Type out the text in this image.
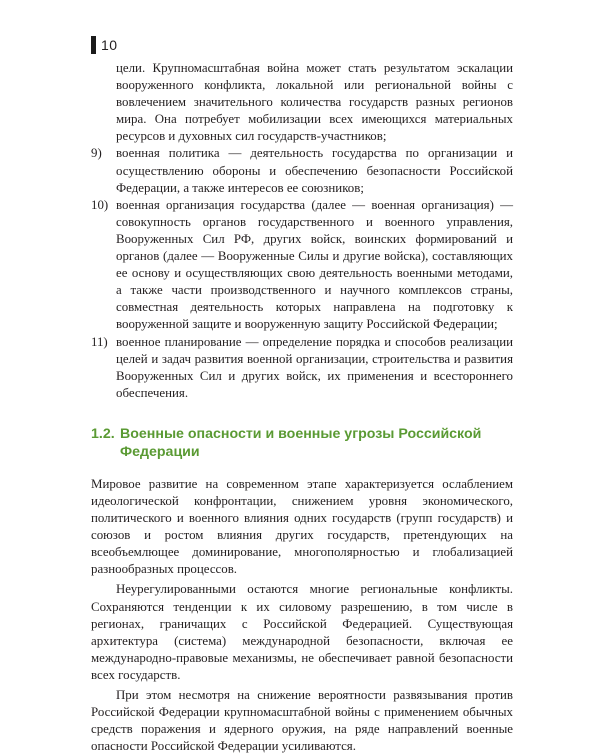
10

цели. Крупномасштабная война может стать результатом эскалации вооруженного конфликта, локальной или региональной войны с вовлечением значительного количества государств разных регионов мира. Она потребует мобилизации всех имеющихся материальных ресурсов и духовных сил государств-участников;

9)	военная политика — деятельность государства по организации и осуществлению обороны и обеспечению безопасности Российской Федерации, а также интересов ее союзников;
10) военная организация государства (далее — военная организация) — совокупность органов государственного и военного управления, Вооруженных Сил РФ, других войск, воинских формирований и органов (далее — Вооруженные Силы и другие войска), составляющих ее основу и осуществляющих свою деятельность военными методами, а также части производственного и научного комплексов страны, совместная деятельность которых направлена на подготовку к вооруженной защите и вооруженную защиту Российской Федерации;
11) военное планирование — определение порядка и способов реализации целей и задач развития военной организации, строительства и развития Вооруженных Сил и других войск, их применения и всестороннего обеспечения.
1.2. Военные опасности и военные угрозы Российской Федерации

Мировое развитие на современном этапе характеризуется ослаблением идеологической конфронтации, снижением уровня экономического, политического и военного влияния одних государств (групп государств) и союзов и ростом влияния других государств, претендующих на всеобъемлющее доминирование, многополярностью и глобализацией разнообразных процессов.

Неурегулированными остаются многие региональные конфликты. Сохраняются тенденции к их силовому разрешению, в том числе в регионах, граничащих с Российской Федерацией. Существующая архитектура (система) международной безопасности, включая ее международно-правовые механизмы, не обеспечивает равной безопасности всех государств.

При этом несмотря на снижение вероятности развязывания против Российской Федерации крупномасштабной войны с применением обычных средств поражения и ядерного оружия, на ряде направлений военные опасности Российской Федерации усиливаются.
